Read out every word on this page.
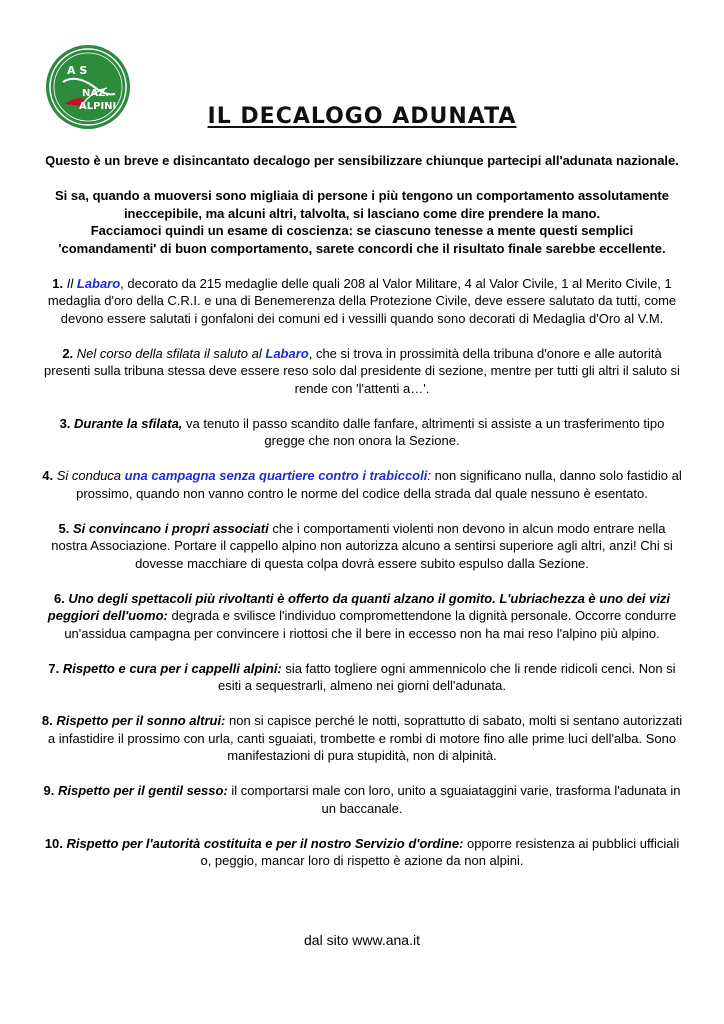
A S
NAZ.
ALPINI	IL DECALOGO ADUNATA

Questo è un breve e disincantato decalogo per sensibilizzare chiunque partecipi all'adunata nazionale.

Si sa, quando a muoversi sono migliaia di persone i più tengono un comportamento assolutamente ineccepibile, ma alcuni altri, talvolta, si lasciano come dire prendere la mano.
Facciamoci quindi un esame di coscienza: se ciascuno tenesse a mente questi semplici 'comandamenti' di buon comportamento, sarete concordi che il risultato finale sarebbe eccellente.

1. Il Labaro, decorato da 215 medaglie delle quali 208 al Valor Militare, 4 al Valor Civile, 1 al Merito Civile, 1 medaglia d'oro della C.R.I. e una di Benemerenza della Protezione Civile, deve essere salutato da tutti, come devono essere salutati i gonfaloni dei comuni ed i vessilli quando sono decorati di Medaglia d'Oro al V.M.

2. Nel corso della sfilata il saluto al Labaro, che si trova in prossimità della tribuna d'onore e alle autorità presenti sulla tribuna stessa deve essere reso solo dal presidente di sezione, mentre per tutti gli altri il saluto si rende con 'l'attenti a…'.

3. Durante la sfilata, va tenuto il passo scandito dalle fanfare, altrimenti si assiste a un trasferimento tipo gregge che non onora la Sezione.

4. Si conduca una campagna senza quartiere contro i trabiccoli: non significano nulla, danno solo fastidio al prossimo, quando non vanno contro le norme del codice della strada dal quale nessuno è esentato.

5. Si convincano i propri associati che i comportamenti violenti non devono in alcun modo entrare nella nostra Associazione. Portare il cappello alpino non autorizza alcuno a sentirsi superiore agli altri, anzi! Chi si dovesse macchiare di questa colpa dovrà essere subito espulso dalla Sezione.

6. Uno degli spettacoli più rivoltanti è offerto da quanti alzano il gomito. L'ubriachezza è uno dei vizi peggiori dell'uomo: degrada e svilisce l'individuo compromettendone la dignità personale. Occorre condurre un'assidua campagna per convincere i riottosi che il bere in eccesso non ha mai reso l'alpino più alpino.

7. Rispetto e cura per i cappelli alpini: sia fatto togliere ogni ammennicolo che li rende ridicoli cenci. Non si esiti a sequestrarli, almeno nei giorni dell'adunata.

8. Rispetto per il sonno altrui: non si capisce perché le notti, soprattutto di sabato, molti si sentano autorizzati a infastidire il prossimo con urla, canti sguaiati, trombette e rombi di motore fino alle prime luci dell'alba. Sono manifestazioni di pura stupidità, non di alpinità.

9. Rispetto per il gentil sesso: il comportarsi male con loro, unito a sguaiataggini varie, trasforma l'adunata in un baccanale.

10. Rispetto per l'autorità costituita e per il nostro Servizio d'ordine: opporre resistenza ai pubblici ufficiali o, peggio, mancar loro di rispetto è azione da non alpini.

dal sito www.ana.it
